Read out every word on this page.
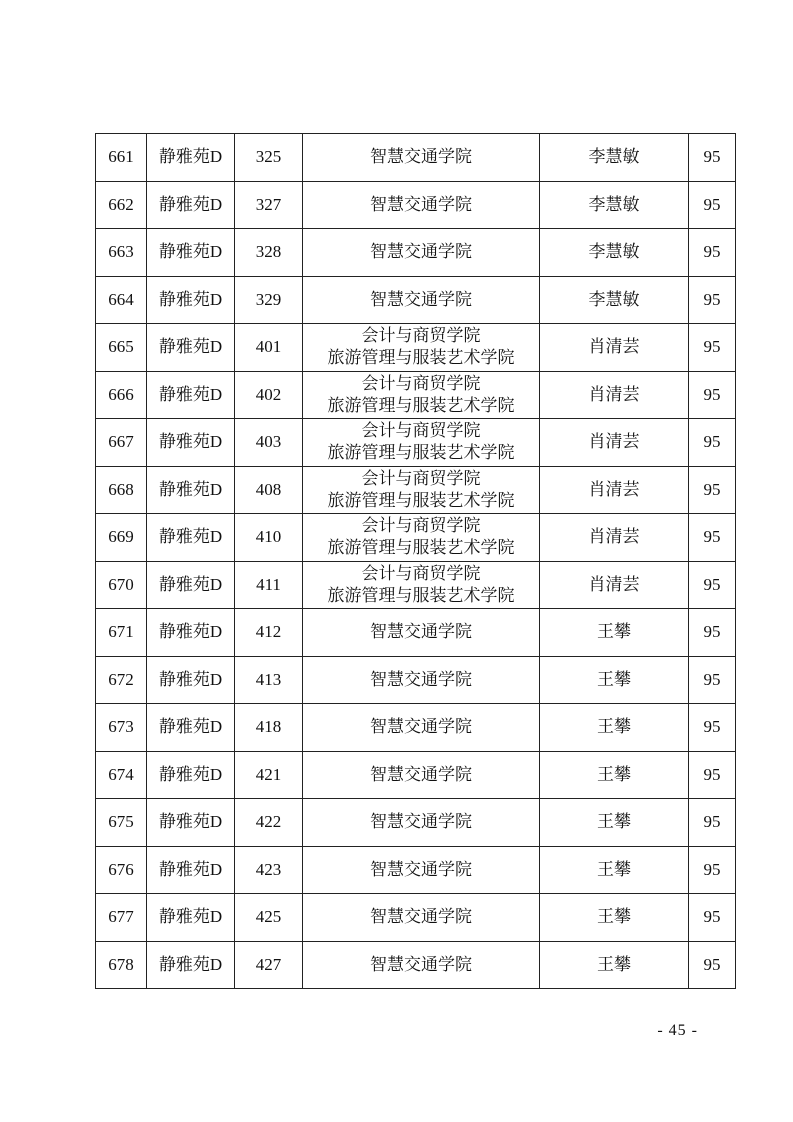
661	静雅苑D	325	智慧交通学院	李慧敏	95
662	静雅苑D	327	智慧交通学院	李慧敏	95
663	静雅苑D	328	智慧交通学院	李慧敏	95
664	静雅苑D	329	智慧交通学院	李慧敏	95
665	静雅苑D	401	会计与商贸学院
旅游管理与服装艺术学院	肖清芸	95
666	静雅苑D	402	会计与商贸学院
旅游管理与服装艺术学院	肖清芸	95
667	静雅苑D	403	会计与商贸学院
旅游管理与服装艺术学院	肖清芸	95
668	静雅苑D	408	会计与商贸学院
旅游管理与服装艺术学院	肖清芸	95
669	静雅苑D	410	会计与商贸学院
旅游管理与服装艺术学院	肖清芸	95
670	静雅苑D	411	会计与商贸学院
旅游管理与服装艺术学院	肖清芸	95
671	静雅苑D	412	智慧交通学院	王攀	95
672	静雅苑D	413	智慧交通学院	王攀	95
673	静雅苑D	418	智慧交通学院	王攀	95
674	静雅苑D	421	智慧交通学院	王攀	95
675	静雅苑D	422	智慧交通学院	王攀	95
676	静雅苑D	423	智慧交通学院	王攀	95
677	静雅苑D	425	智慧交通学院	王攀	95
678	静雅苑D	427	智慧交通学院	王攀	95
- 45 -
